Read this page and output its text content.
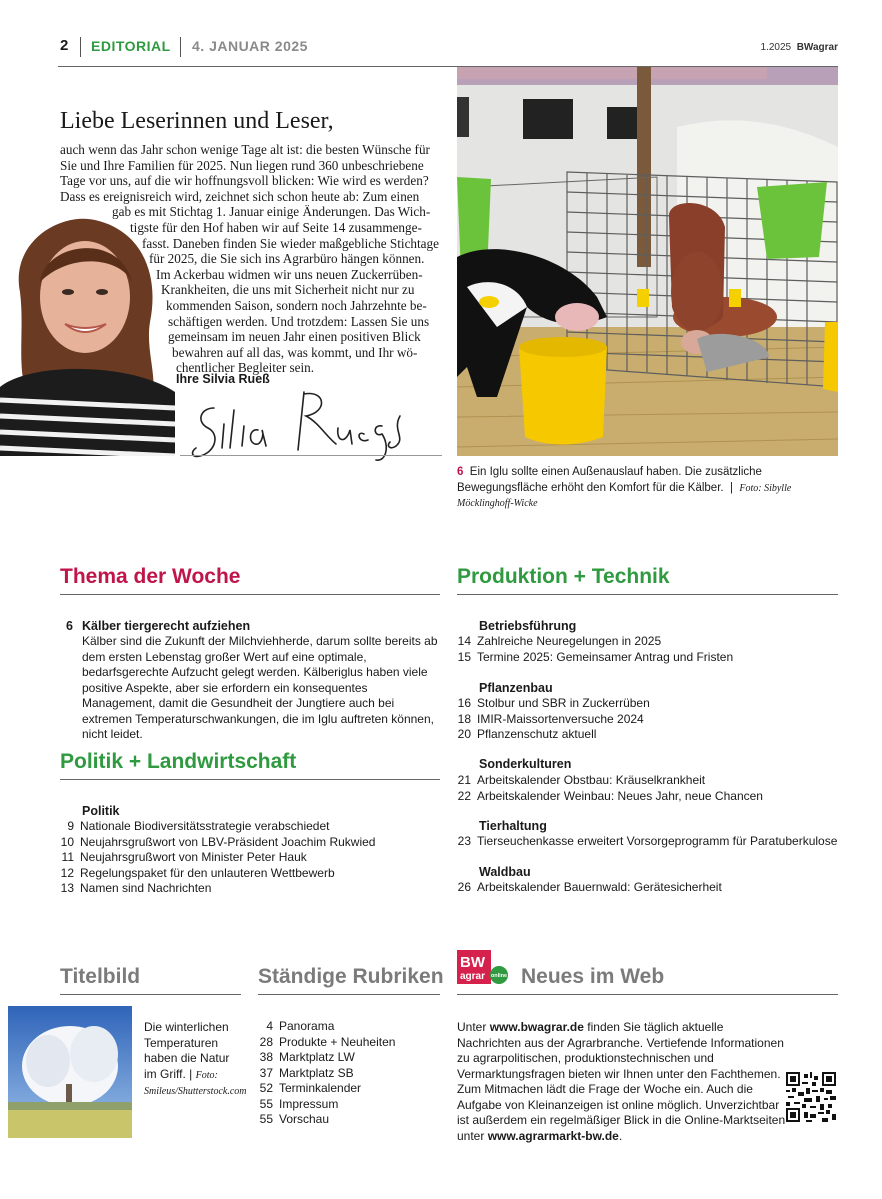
2 EDITORIAL 4. JANUAR 2025	1.2025 BWagrar
Liebe Leserinnen und Leser,
auch wenn das Jahr schon wenige Tage alt ist: die besten Wünsche für
Sie und Ihre Familien für 2025. Nun liegen rund 360 unbeschriebene
Tage vor uns, auf die wir hoffnungsvoll blicken: Wie wird es werden?
Dass es ereignisreich wird, zeichnet sich schon heute ab: Zum einen
gab es mit Stichtag 1. Januar einige Änderungen. Das Wich-
tigste für den Hof haben wir auf Seite 14 zusammenge-
fasst. Daneben finden Sie wieder maßgebliche Stichtage
für 2025, die Sie sich ins Agrarbüro hängen können.
Im Ackerbau widmen wir uns neuen Zuckerrüben-
Krankheiten, die uns mit Sicherheit nicht nur zu
kommenden Saison, sondern noch Jahrzehnte be-
schäftigen werden. Und trotzdem: Lassen Sie uns
gemeinsam im neuen Jahr einen positiven Blick
bewahren auf all das, was kommt, und Ihr wö-
chentlicher Begleiter sein.
Ihre Silvia Rueß
6 Ein Iglu sollte einen Außenauslauf haben. Die zusätzliche Bewegungsfläche erhöht den Komfort für die Kälber. | Foto: Sibylle Möcklinghoff-Wicke
Thema der Woche
6 Kälber tiergerecht aufziehen
Kälber sind die Zukunft der Milchviehherde, darum sollte bereits ab dem ersten Lebenstag großer Wert auf eine optimale, bedarfsgerechte Aufzucht gelegt werden. Kälberiglus haben viele positive Aspekte, aber sie erfordern ein konsequentes Management, damit die Gesundheit der Jungtiere auch bei extremen Temperaturschwankungen, die im Iglu auftreten können, nicht leidet.
Politik + Landwirtschaft
Politik
9 Nationale Biodiversitätsstrategie verabschiedet
10 Neujahrsgrußwort von LBV-Präsident Joachim Rukwied
11 Neujahrsgrußwort von Minister Peter Hauk
12 Regelungspaket für den unlauteren Wettbewerb
13 Namen sind Nachrichten
Produktion + Technik
Betriebsführung
14 Zahlreiche Neuregelungen in 2025
15 Termine 2025: Gemeinsamer Antrag und Fristen
Pflanzenbau
16 Stolbur und SBR in Zuckerrüben
18 IMIR-Maissortenversuche 2024
20 Pflanzenschutz aktuell
Sonderkulturen
21 Arbeitskalender Obstbau: Kräuselkrankheit
22 Arbeitskalender Weinbau: Neues Jahr, neue Chancen
Tierhaltung
23 Tierseuchenkasse erweitert Vorsorgeprogramm für Paratuberkulose
Waldbau
26 Arbeitskalender Bauernwald: Gerätesicherheit
Titelbild
Die winterlichen Temperaturen haben die Natur im Griff. | Foto: Smileus/Shutterstock.com
Ständige Rubriken
4 Panorama
28 Produkte + Neuheiten
38 Marktplatz LW
37 Marktplatz SB
52 Terminkalender
55 Impressum
55 Vorschau
BW
agrar online Neues im Web
Unter www.bwagrar.de finden Sie täglich aktuelle Nachrichten aus der Agrarbranche. Vertiefende Informationen zu agrarpolitischen, produktionstechnischen und Vermarktungsfragen bieten wir Ihnen unter den Fachthemen. Zum Mitmachen lädt die Frage der Woche ein. Auch die Aufgabe von Kleinanzeigen ist online möglich. Unverzichtbar ist außerdem ein regelmäßiger Blick in die Online-Marktseiten unter www.agrarmarkt-bw.de.
